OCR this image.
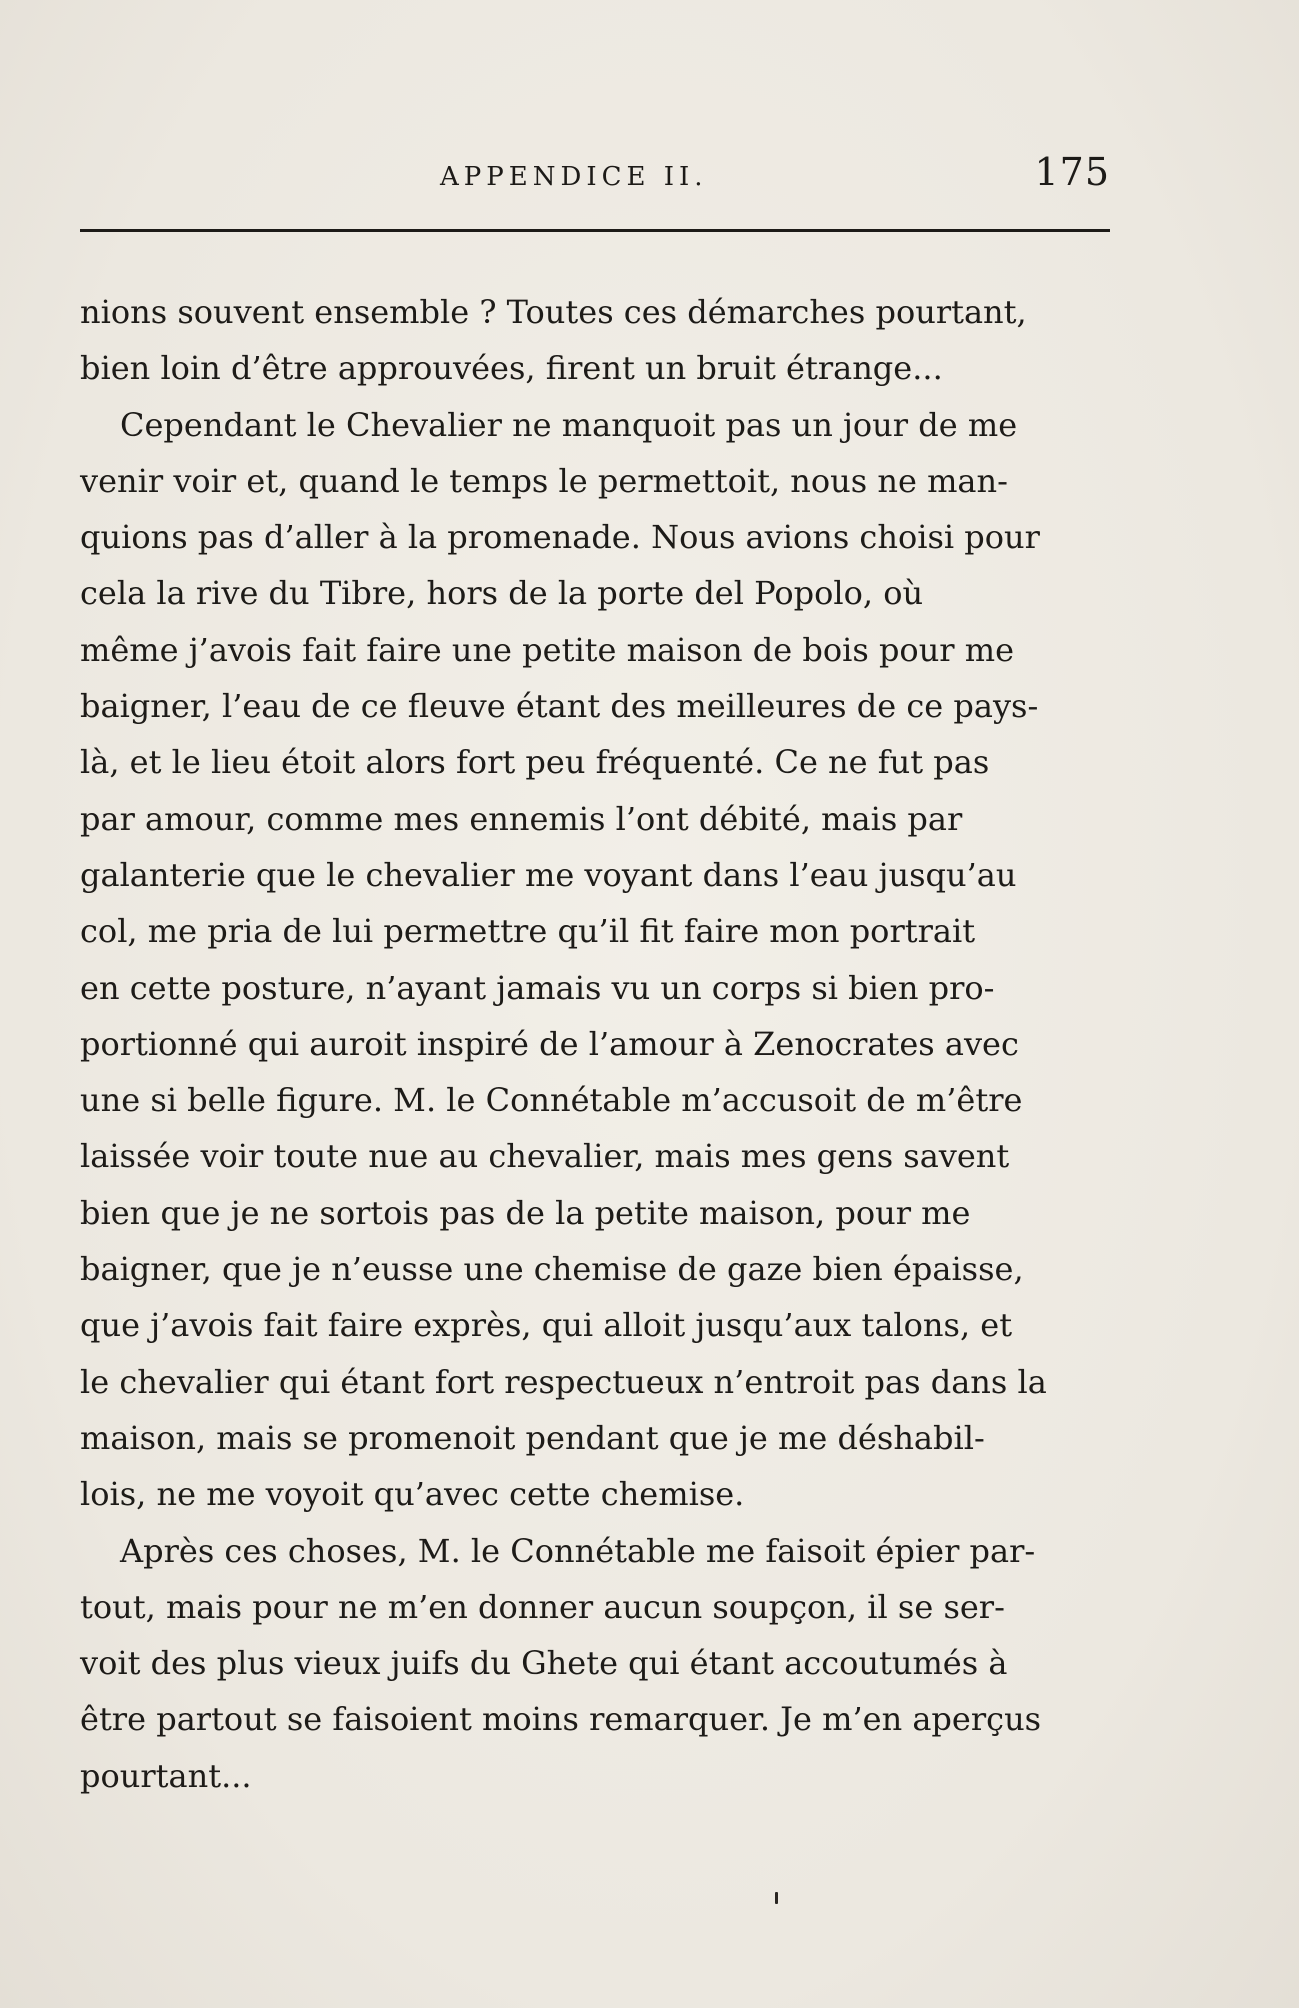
APPENDICE II.	175

nions souvent ensemble ? Toutes ces démarches pourtant,
bien loin d’être approuvées, firent un bruit étrange...

Cependant le Chevalier ne manquoit pas un jour de me
venir voir et, quand le temps le permettoit, nous ne man-
quions pas d’aller à la promenade. Nous avions choisi pour
cela la rive du Tibre, hors de la porte del Popolo, où
même j’avois fait faire une petite maison de bois pour me
baigner, l’eau de ce fleuve étant des meilleures de ce pays-
là, et le lieu étoit alors fort peu fréquenté. Ce ne fut pas
par amour, comme mes ennemis l’ont débité, mais par
galanterie que le chevalier me voyant dans l’eau jusqu’au
col, me pria de lui permettre qu’il fit faire mon portrait
en cette posture, n’ayant jamais vu un corps si bien pro-
portionné qui auroit inspiré de l’amour à Zenocrates avec
une si belle figure. M. le Connétable m’accusoit de m’être
laissée voir toute nue au chevalier, mais mes gens savent
bien que je ne sortois pas de la petite maison, pour me
baigner, que je n’eusse une chemise de gaze bien épaisse,
que j’avois fait faire exprès, qui alloit jusqu’aux talons, et
le chevalier qui étant fort respectueux n’entroit pas dans la
maison, mais se promenoit pendant que je me déshabil-
lois, ne me voyoit qu’avec cette chemise.

Après ces choses, M. le Connétable me faisoit épier par-
tout, mais pour ne m’en donner aucun soupçon, il se ser-
voit des plus vieux juifs du Ghete qui étant accoutumés à
être partout se faisoient moins remarquer. Je m’en aperçus
pourtant...
